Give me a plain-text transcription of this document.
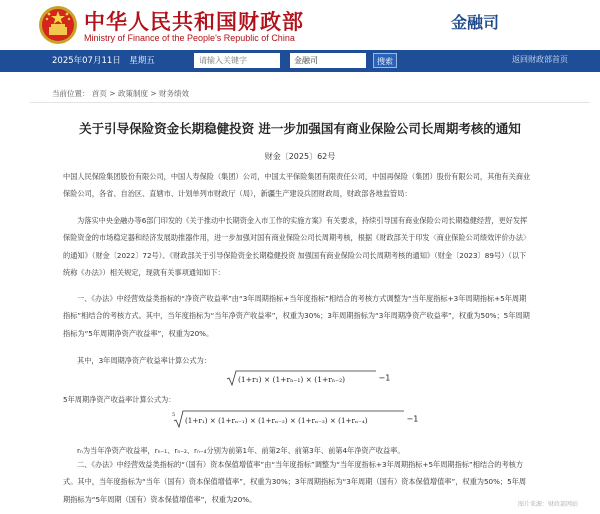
中华人民共和国财政部
Ministry of Finance of the People's Republic of China
金融司
2025年07月11日　星期五
请输入关键字	金融司	搜索	返回财政部首页
当前位置： 首页 > 政策制度 > 财务绩效
关于引导保险资金长期稳健投资 进一步加强国有商业保险公司长周期考核的通知
财金〔2025〕62号

中国人民保险集团股份有限公司，中国人寿保险（集团）公司，中国太平保险集团有限责任公司，中国再保险（集团）股份有限公司，其他有关商业保险公司，各省、自治区、直辖市、计划单列市财政厅（局），新疆生产建设兵团财政局，财政部各地监管局：

为落实中央金融办等6部门印发的《关于推动中长期资金入市工作的实施方案》有关要求，持续引导国有商业保险公司长期稳健经营，更好发挥保险资金的市场稳定器和经济发展助推器作用，进一步加强对国有商业保险公司长周期考核，根据《财政部关于印发〈商业保险公司绩效评价办法〉的通知》（财金〔2022〕72号）、《财政部关于引导保险资金长期稳健投资 加强国有商业保险公司长周期考核的通知》（财金〔2023〕89号）（以下统称《办法》）相关规定，现就有关事项通知如下：

一、《办法》中经营效益类指标的“净资产收益率”由“3年周期指标+当年度指标”相结合的考核方式调整为“当年度指标+3年周期指标+5年周期指标”相结合的考核方式。其中，当年度指标为“当年净资产收益率”，权重为30%；3年周期指标为“3年周期净资产收益率”，权重为50%；5年周期指标为“5年周期净资产收益率”，权重为20%。

其中，3年周期净资产收益率计算公式为：

(1+r₁) × (1+rₙ₋₁) × (1+rₙ₋₂)	−1

5年周期净资产收益率计算公式为：

5
(1+r₁) × (1+rₙ₋₁) × (1+rₙ₋₂) × (1+rₙ₋₃) × (1+rₙ₋₄)	−1

rₙ为当年净资产收益率，rₙ₋₁、rₙ₋₂、rₙ₋₄分别为前第1年、前第2年、前第3年、前第4年净资产收益率。

二、《办法》中经营效益类指标的“（国有）资本保值增值率”由“当年度指标”调整为“当年度指标+3年周期指标+5年周期指标”相结合的考核方式。其中，当年度指标为“当年（国有）资本保值增值率”，权重为30%；3年周期指标为“3年周期（国有）资本保值增值率”，权重为50%；5年周期指标为“5年周期（国有）资本保值增值率”，权重为20%。

图片来源：财政部网站
